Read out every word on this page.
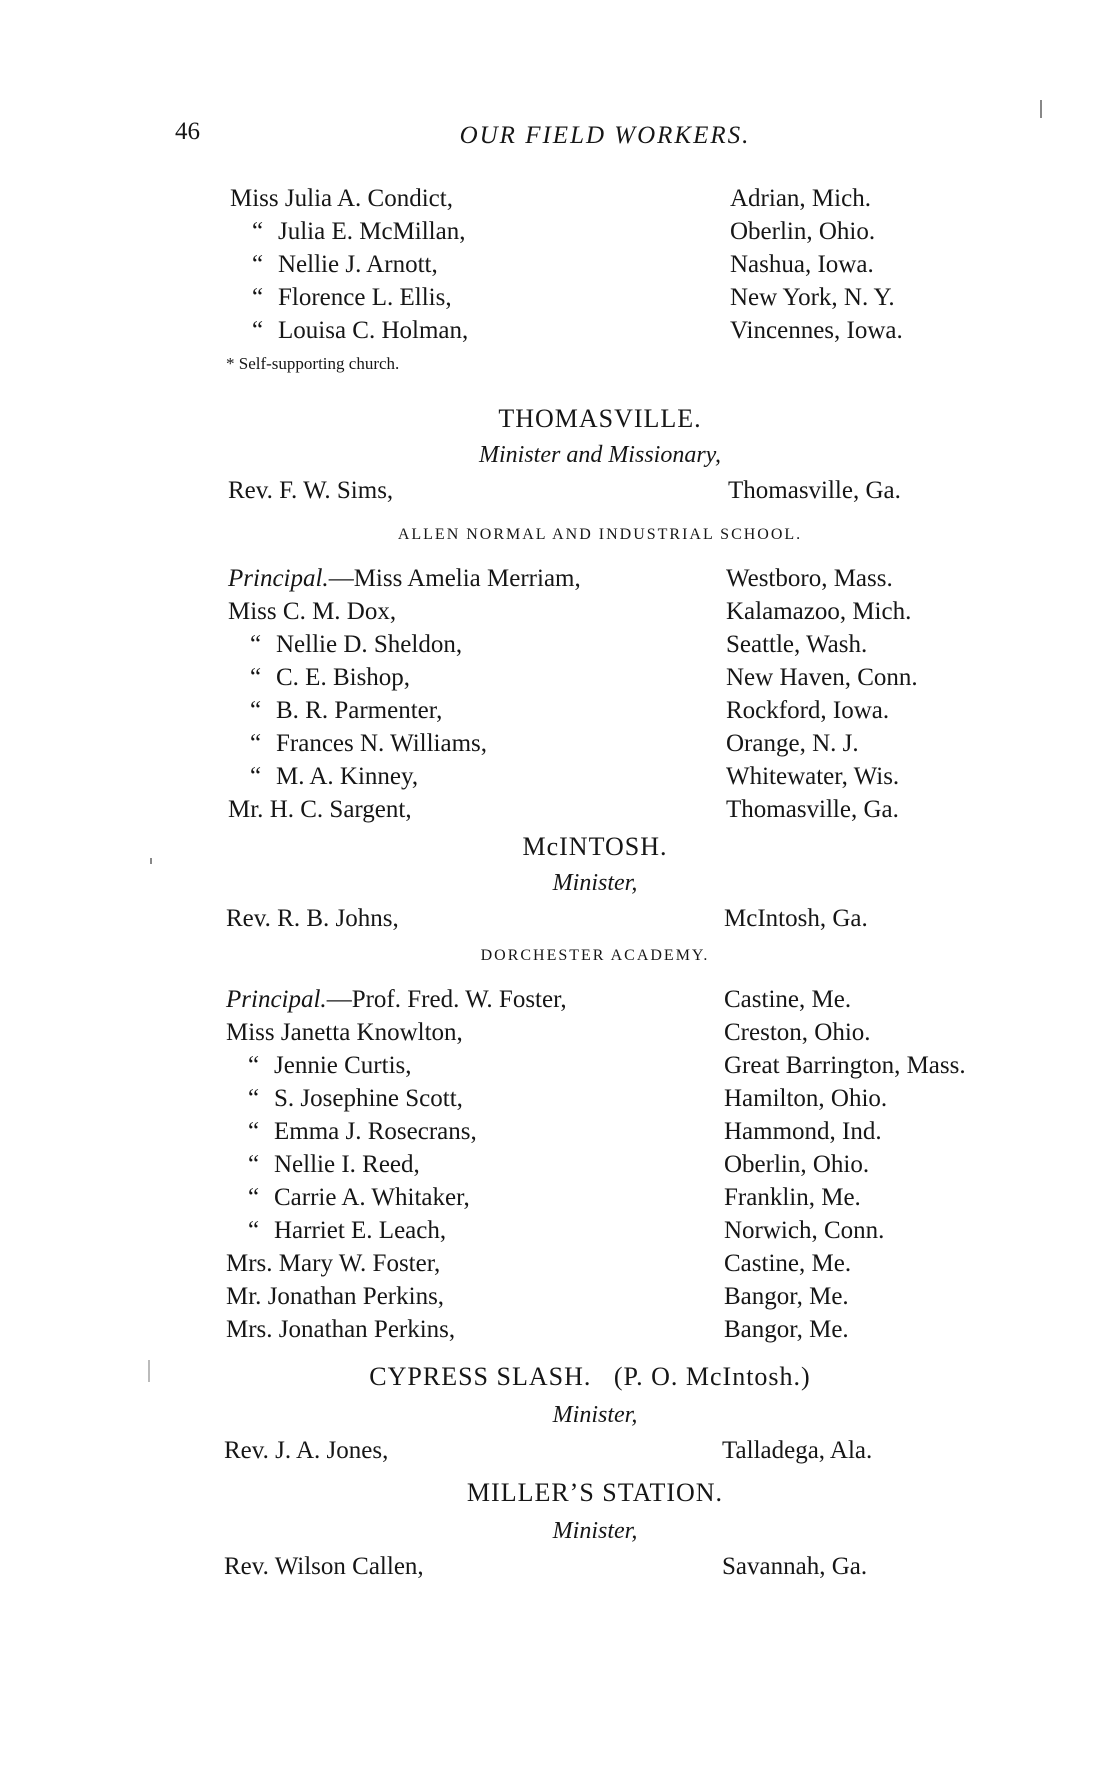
46	OUR FIELD WORKERS.
Miss Julia A. Condict,	Adrian, Mich.
“ Julia E. McMillan,	Oberlin, Ohio.
“ Nellie J. Arnott,	Nashua, Iowa.
“ Florence L. Ellis,	New York, N. Y.
“ Louisa C. Holman,	Vincennes, Iowa.
* Self-supporting church.
THOMASVILLE.
Minister and Missionary,
Rev. F. W. Sims,	Thomasville, Ga.
ALLEN NORMAL AND INDUSTRIAL SCHOOL.
Principal.—Miss Amelia Merriam,	Westboro, Mass.
Miss C. M. Dox,	Kalamazoo, Mich.
“ Nellie D. Sheldon,	Seattle, Wash.
“ C. E. Bishop,	New Haven, Conn.
“ B. R. Parmenter,	Rockford, Iowa.
“ Frances N. Williams,	Orange, N. J.
“ M. A. Kinney,	Whitewater, Wis.
Mr. H. C. Sargent,	Thomasville, Ga.
McINTOSH.
Minister,
Rev. R. B. Johns,	McIntosh, Ga.
DORCHESTER ACADEMY.
Principal.—Prof. Fred. W. Foster,	Castine, Me.
Miss Janetta Knowlton,	Creston, Ohio.
“ Jennie Curtis,	Great Barrington, Mass.
“ S. Josephine Scott,	Hamilton, Ohio.
“ Emma J. Rosecrans,	Hammond, Ind.
“ Nellie I. Reed,	Oberlin, Ohio.
“ Carrie A. Whitaker,	Franklin, Me.
“ Harriet E. Leach,	Norwich, Conn.
Mrs. Mary W. Foster,	Castine, Me.
Mr. Jonathan Perkins,	Bangor, Me.
Mrs. Jonathan Perkins,	Bangor, Me.
CYPRESS SLASH.   (P. O. McIntosh.)
Minister,
Rev. J. A. Jones,	Talladega, Ala.
MILLER’S STATION.
Minister,
Rev. Wilson Callen,	Savannah, Ga.
